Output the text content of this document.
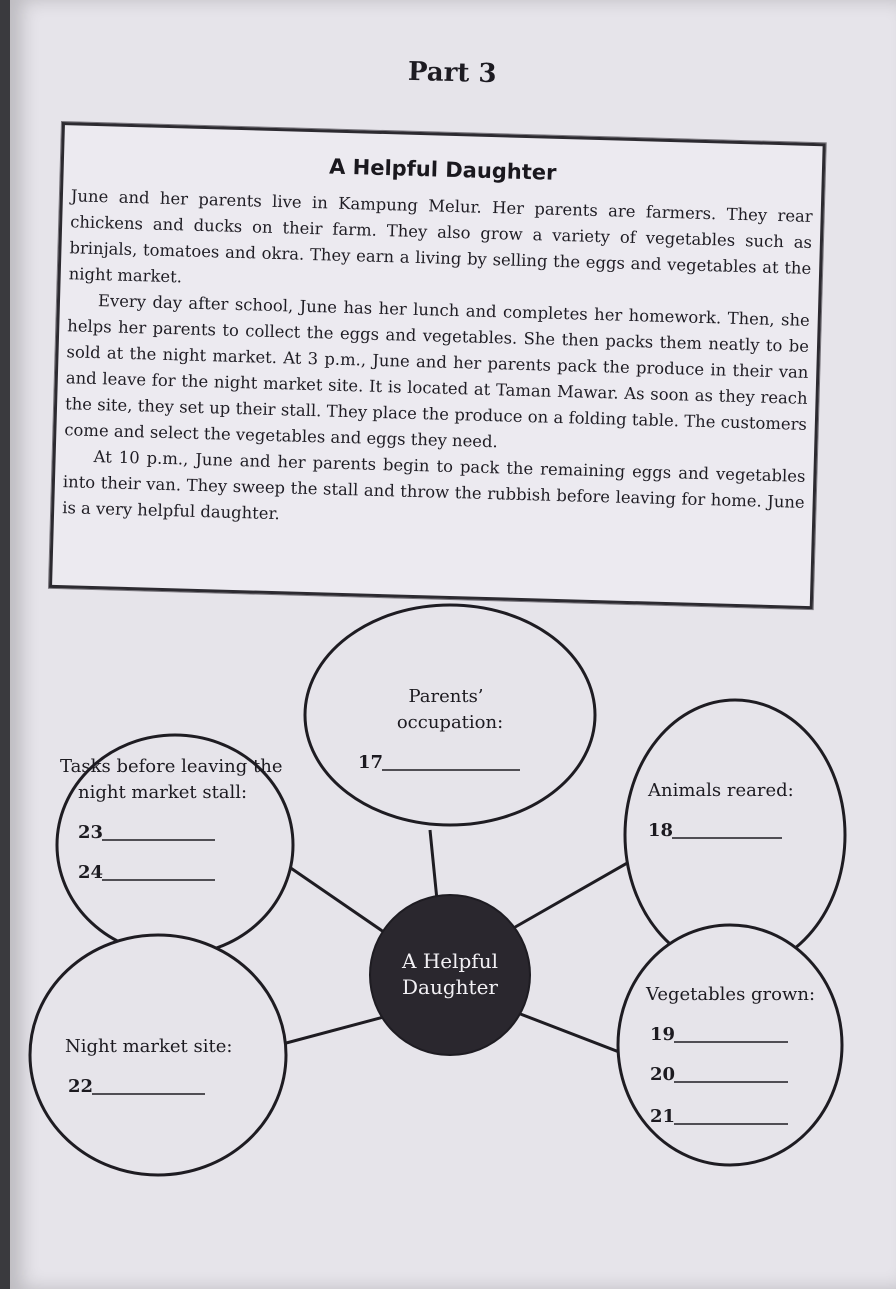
Part 3
A Helpful Daughter

June and her parents live in Kampung Melur. Her parents are farmers. They rear chickens and ducks on their farm. They also grow a variety of vegetables such as brinjals, tomatoes and okra. They earn a living by selling the eggs and vegetables at the night market.

Every day after school, June has her lunch and completes her homework. Then, she helps her parents to collect the eggs and vegetables. She then packs them neatly to be sold at the night market. At 3 p.m., June and her parents pack the produce in their van and leave for the night market site. It is located at Taman Mawar. As soon as they reach the site, they set up their stall. They place the produce on a folding table. The customers come and select the vegetables and eggs they need.

At 10 p.m., June and her parents begin to pack the remaining eggs and vegetables into their van. They sweep the stall and throw the rubbish before leaving for home. June is a very helpful daughter.

A Helpful
Daughter
Parents’
occupation:
17
Tasks before leaving the
night market stall:
23
24
Animals reared:
18
Night market site:
22
Vegetables grown:
19
20
21
